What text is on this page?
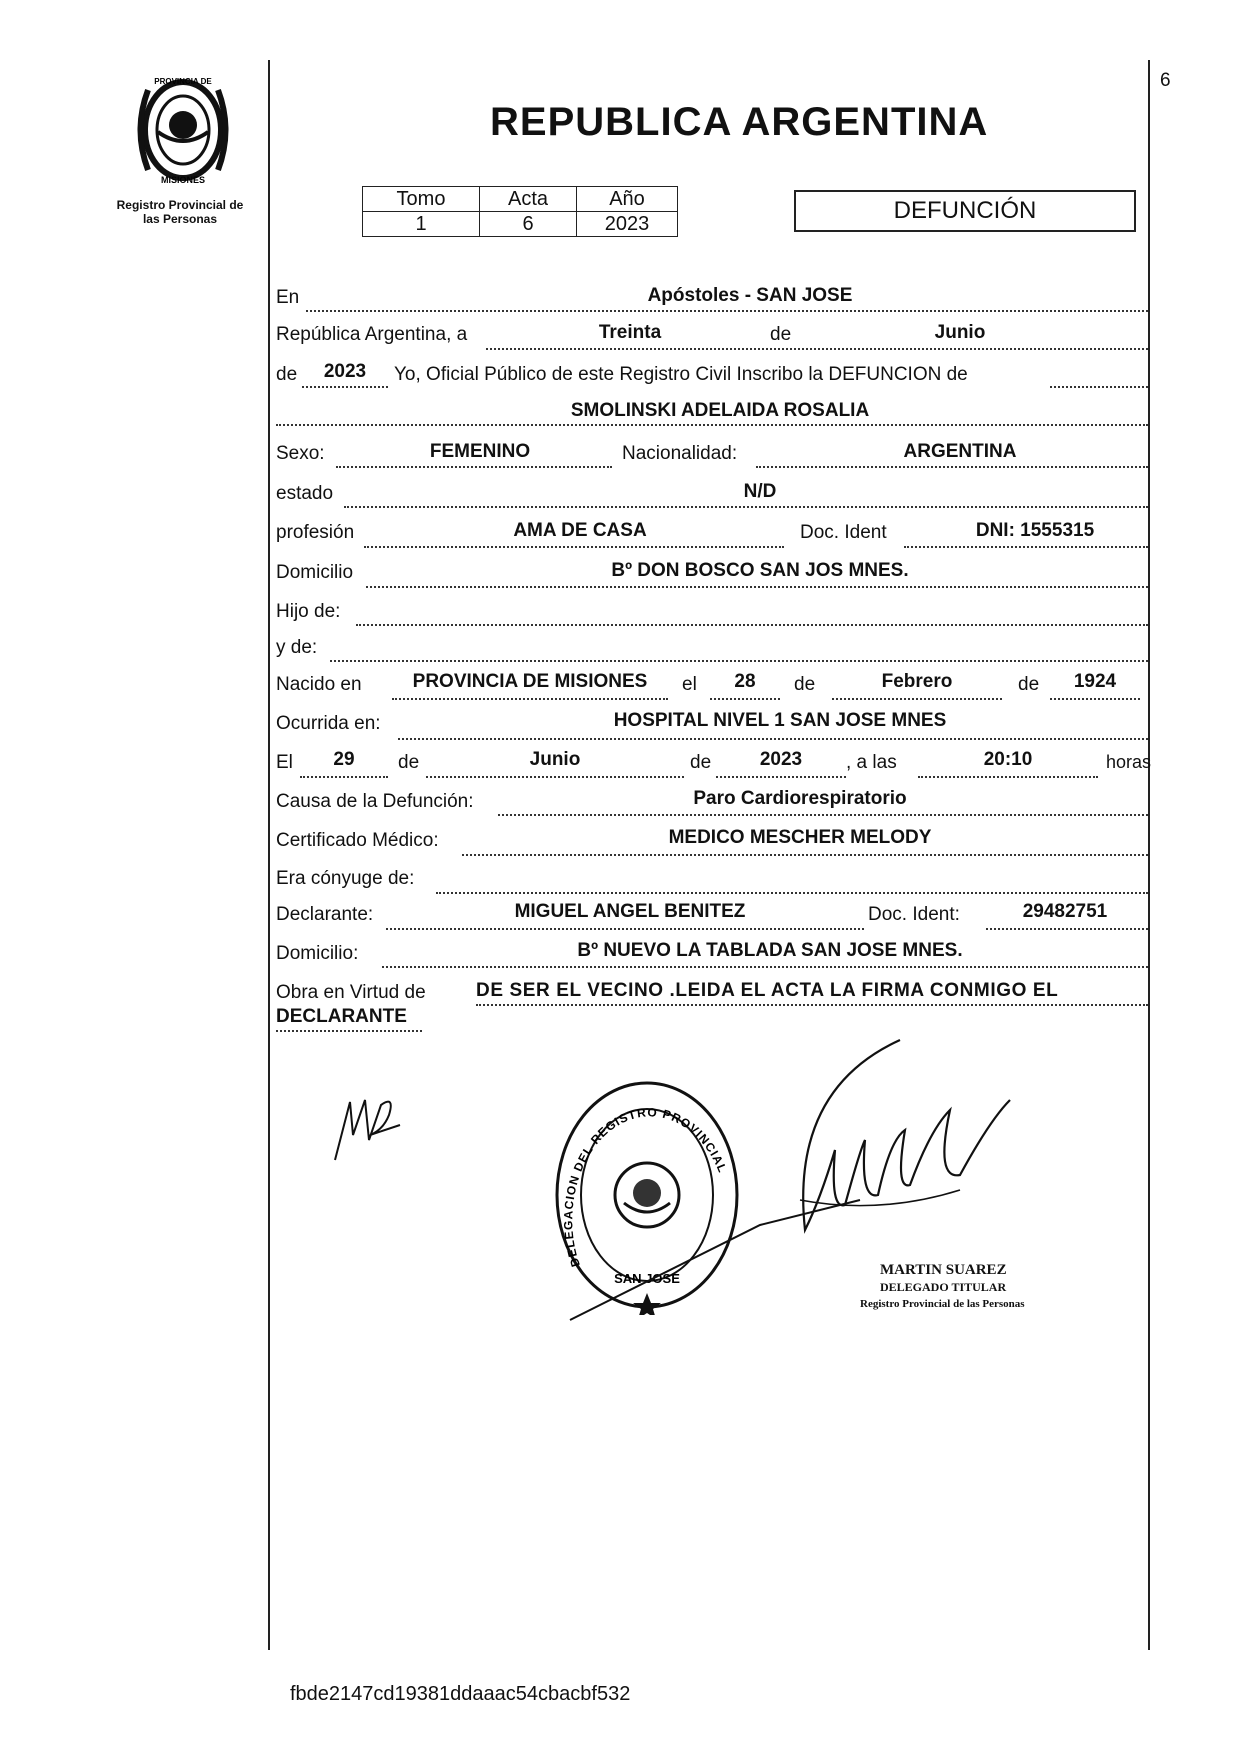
6
PROVINCIA DE
MISIONES
Registro Provincial de
las Personas
REPUBLICA ARGENTINA
Tomo	Acta	Año
1	6	2023	DEFUNCIÓN
En	Apóstoles - SAN JOSE
República Argentina, a	Treinta	de	Junio
de	2023	Yo, Oficial Público de este Registro Civil Inscribo la DEFUNCION de
SMOLINSKI ADELAIDA ROSALIA
Sexo:	FEMENINO	Nacionalidad:	ARGENTINA
estado	N/D
profesión	AMA DE CASA	Doc. Ident	DNI: 1555315
Domicilio	Bº DON BOSCO SAN JOS MNES.
Hijo de:
y de:
Nacido en	PROVINCIA DE MISIONES	el	28	de	Febrero	de	1924
Ocurrida en:	HOSPITAL NIVEL 1 SAN JOSE MNES
El	29	de	Junio	de	2023	, a las	20:10	horas
Causa de la Defunción:	Paro Cardiorespiratorio
Certificado Médico:	MEDICO MESCHER MELODY
Era cónyuge de:
Declarante:	MIGUEL ANGEL BENITEZ	Doc. Ident:	29482751
Domicilio:	Bº NUEVO LA TABLADA SAN JOSE MNES.
Obra en Virtud de	DE SER EL VECINO .LEIDA EL ACTA LA FIRMA CONMIGO EL
DECLARANTE
DELEGACION DEL REGISTRO PROVINCIAL
SAN JOSE
MARTIN SUAREZ
DELEGADO TITULAR
Registro Provincial de las Personas
fbde2147cd19381ddaaac54cbacbf532
